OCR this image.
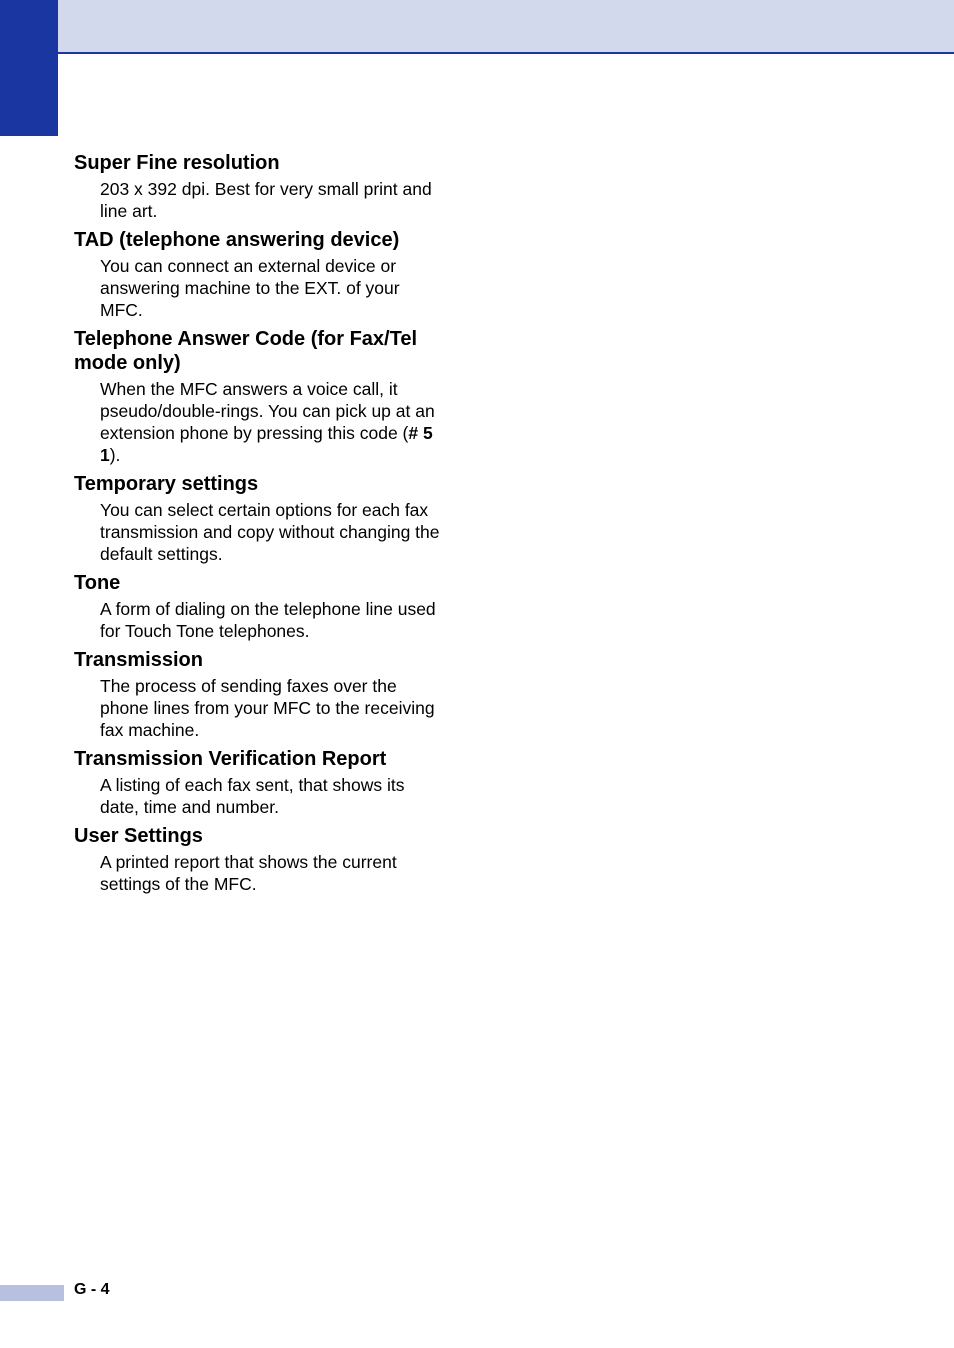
Super Fine resolution
203 x 392 dpi. Best for very small print and line art.
TAD (telephone answering device)
You can connect an external device or answering machine to the EXT. of your MFC.
Telephone Answer Code (for Fax/Tel mode only)
When the MFC answers a voice call, it pseudo/double-rings. You can pick up at an extension phone by pressing this code (# 5 1).
Temporary settings
You can select certain options for each fax transmission and copy without changing the default settings.
Tone
A form of dialing on the telephone line used for Touch Tone telephones.
Transmission
The process of sending faxes over the phone lines from your MFC to the receiving fax machine.
Transmission Verification Report
A listing of each fax sent, that shows its date, time and number.
User Settings
A printed report that shows the current settings of the MFC.
G - 4
